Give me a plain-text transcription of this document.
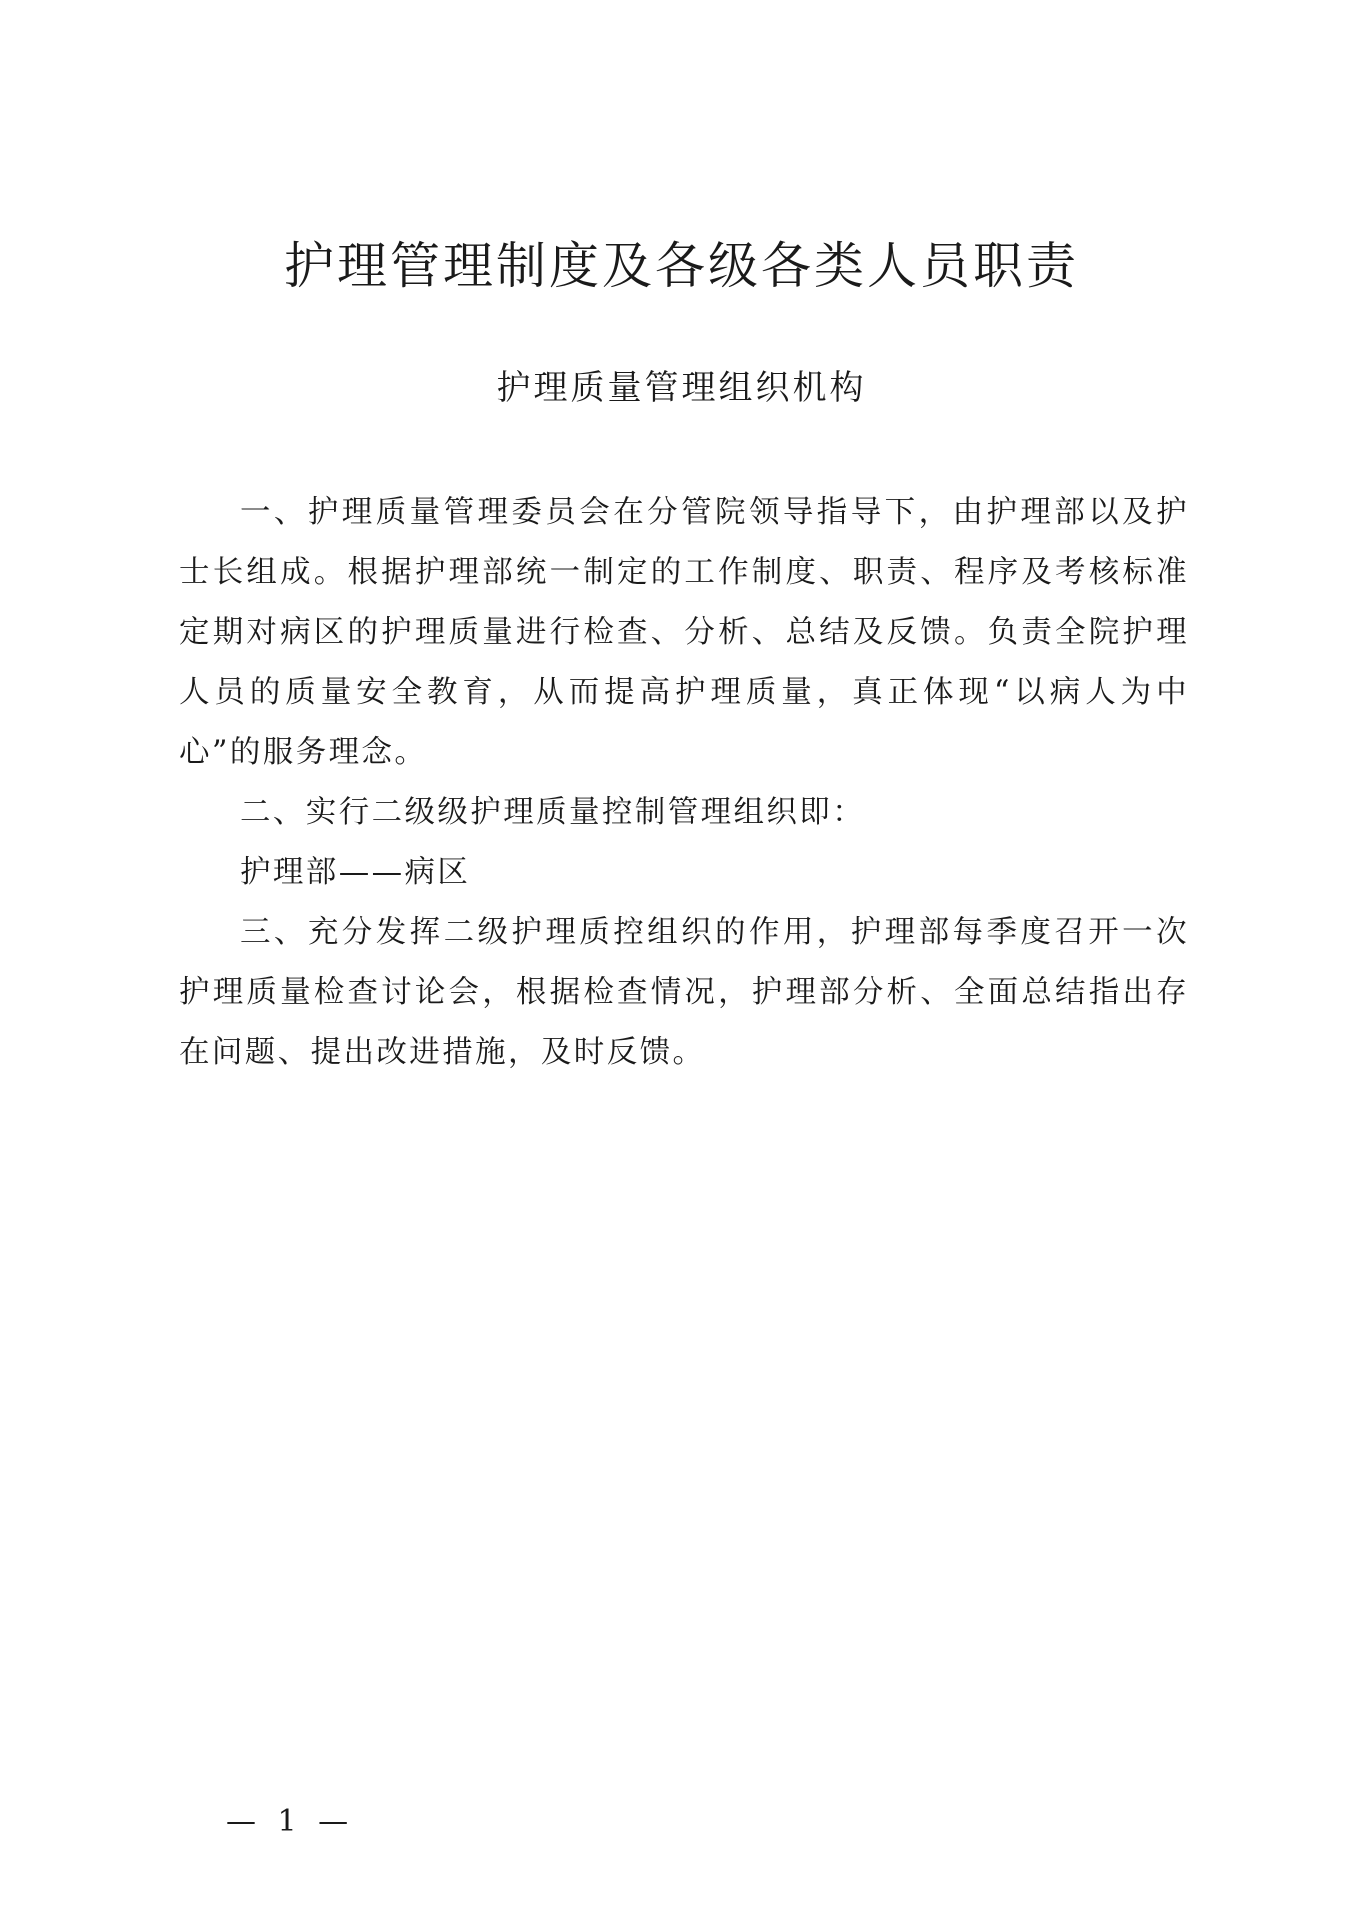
护理管理制度及各级各类人员职责
护理质量管理组织机构

一、护理质量管理委员会在分管院领导指导下，由护理部以及护士长组成。根据护理部统一制定的工作制度、职责、程序及考核标准定期对病区的护理质量进行检查、分析、总结及反馈。负责全院护理人员的质量安全教育，从而提高护理质量，真正体现“以病人为中心”的服务理念。

二、实行二级级护理质量控制管理组织即：

护理部——病区

三、充分发挥二级护理质控组织的作用，护理部每季度召开一次护理质量检查讨论会，根据检查情况，护理部分析、全面总结指出存在问题、提出改进措施，及时反馈。

— 1 —
